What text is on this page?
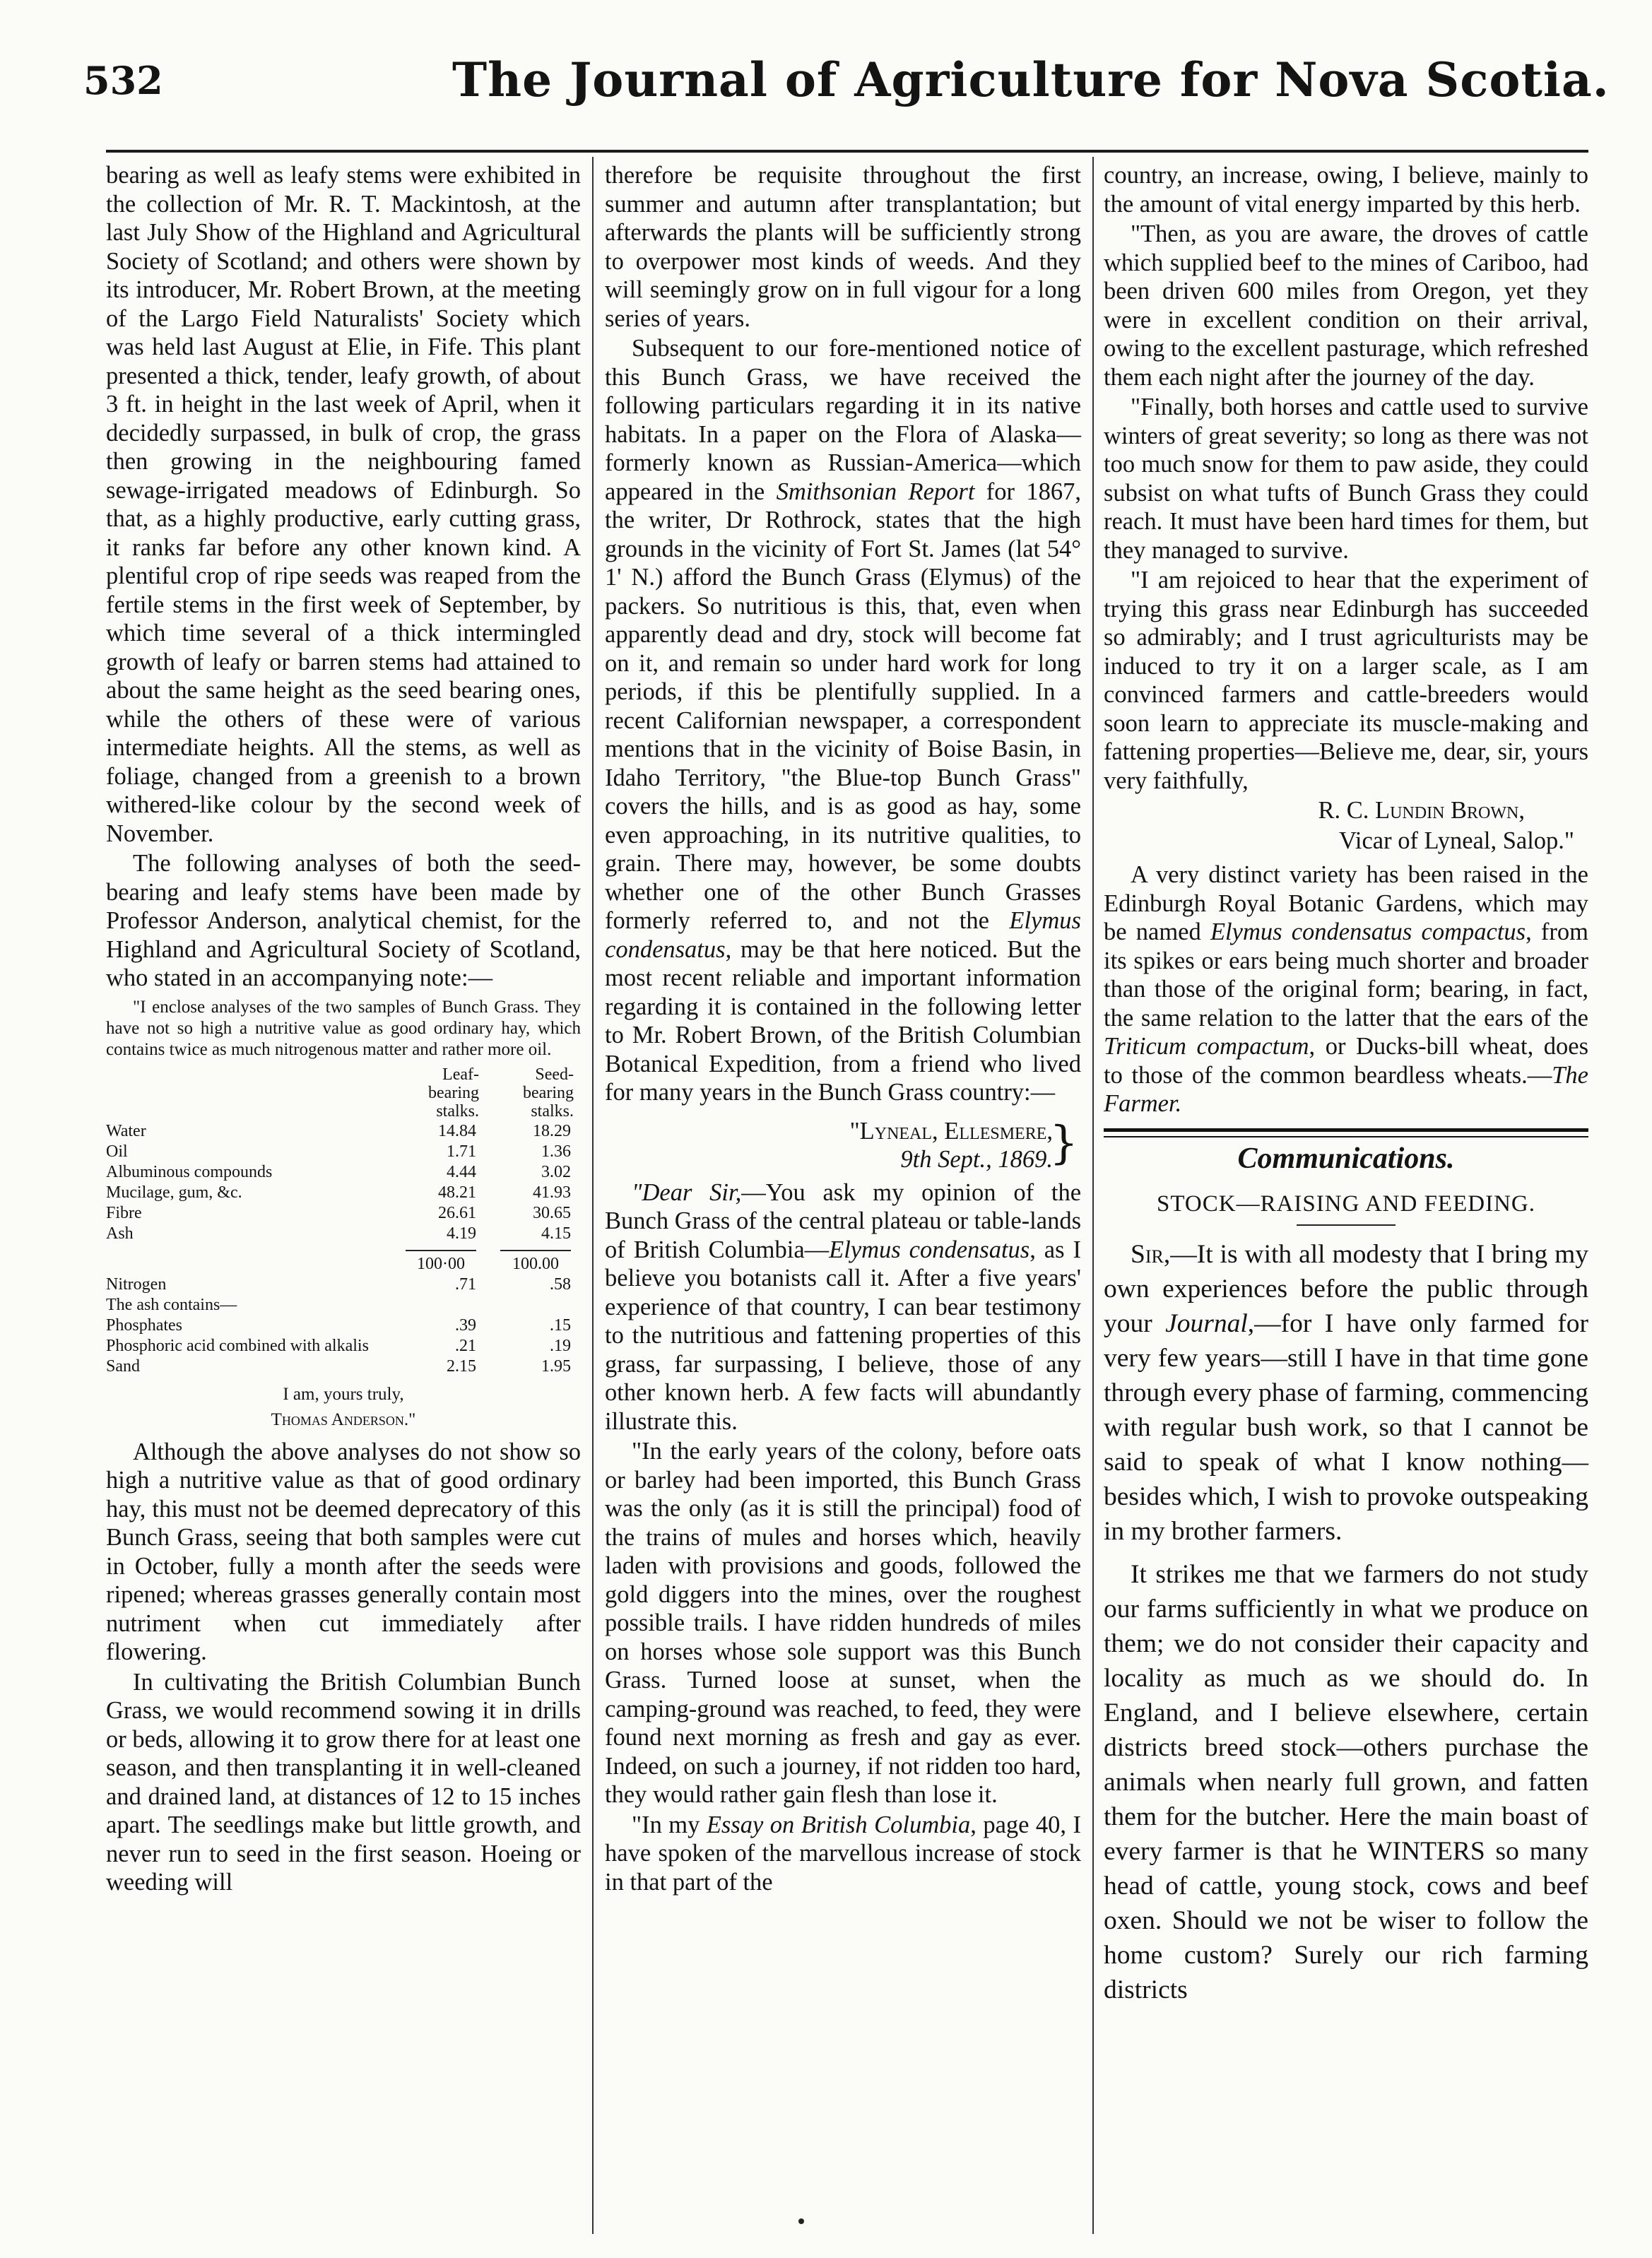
532	The Journal of Agriculture for Nova Scotia.

bearing as well as leafy stems were exhibited in the collection of Mr. R. T. Mackintosh, at the last July Show of the Highland and Agricultural Society of Scotland; and others were shown by its introducer, Mr. Robert Brown, at the meeting of the Largo Field Naturalists' Society which was held last August at Elie, in Fife. This plant presented a thick, tender, leafy growth, of about 3 ft. in height in the last week of April, when it decidedly surpassed, in bulk of crop, the grass then growing in the neighbouring famed sewage-irrigated meadows of Edinburgh. So that, as a highly productive, early cutting grass, it ranks far before any other known kind. A plentiful crop of ripe seeds was reaped from the fertile stems in the first week of September, by which time several of a thick intermingled growth of leafy or barren stems had attained to about the same height as the seed bearing ones, while the others of these were of various intermediate heights. All the stems, as well as foliage, changed from a greenish to a brown withered-like colour by the second week of November.

The following analyses of both the seed-bearing and leafy stems have been made by Professor Anderson, analytical chemist, for the Highland and Agricultural Society of Scotland, who stated in an accompanying note:—

"I enclose analyses of the two samples of Bunch Grass. They have not so high a nutritive value as good ordinary hay, which contains twice as much nitrogenous matter and rather more oil.

	Leaf-bearing stalks.	Seed-bearing stalks.
Water	14.84	18.29
Oil	1.71	1.36
Albuminous compounds	4.44	3.02
Mucilage, gum, &c.	48.21	41.93
Fibre	26.61	30.65
Ash	4.19	4.15
	100·00	100.00
Nitrogen	.71	.58
The ash contains—		
Phosphates	.39	.15
Phosphoric acid combined with alkalis	.21	.19
Sand	2.15	1.95

I am, yours truly,

Thomas Anderson."

Although the above analyses do not show so high a nutritive value as that of good ordinary hay, this must not be deemed deprecatory of this Bunch Grass, seeing that both samples were cut in October, fully a month after the seeds were ripened; whereas grasses generally contain most nutriment when cut immediately after flowering.

In cultivating the British Columbian Bunch Grass, we would recommend sowing it in drills or beds, allowing it to grow there for at least one season, and then transplanting it in well-cleaned and drained land, at distances of 12 to 15 inches apart. The seedlings make but little growth, and never run to seed in the first season. Hoeing or weeding will

therefore be requisite throughout the first summer and autumn after transplantation; but afterwards the plants will be sufficiently strong to overpower most kinds of weeds. And they will seemingly grow on in full vigour for a long series of years.

Subsequent to our fore-mentioned notice of this Bunch Grass, we have received the following particulars regarding it in its native habitats. In a paper on the Flora of Alaska—formerly known as Russian-America—which appeared in the Smithsonian Report for 1867, the writer, Dr Rothrock, states that the high grounds in the vicinity of Fort St. James (lat 54° 1' N.) afford the Bunch Grass (Elymus) of the packers. So nutritious is this, that, even when apparently dead and dry, stock will become fat on it, and remain so under hard work for long periods, if this be plentifully supplied. In a recent Californian newspaper, a correspondent mentions that in the vicinity of Boise Basin, in Idaho Territory, "the Blue-top Bunch Grass" covers the hills, and is as good as hay, some even approaching, in its nutritive qualities, to grain. There may, however, be some doubts whether one of the other Bunch Grasses formerly referred to, and not the Elymus condensatus, may be that here noticed. But the most recent reliable and important information regarding it is contained in the following letter to Mr. Robert Brown, of the British Columbian Botanical Expedition, from a friend who lived for many years in the Bunch Grass country:—

"Lyneal, Ellesmere,
9th Sept., 1869.
}

"Dear Sir,—You ask my opinion of the Bunch Grass of the central plateau or table-lands of British Columbia—Elymus condensatus, as I believe you botanists call it. After a five years' experience of that country, I can bear testimony to the nutritious and fattening properties of this grass, far surpassing, I believe, those of any other known herb. A few facts will abundantly illustrate this.

"In the early years of the colony, before oats or barley had been imported, this Bunch Grass was the only (as it is still the principal) food of the trains of mules and horses which, heavily laden with provisions and goods, followed the gold diggers into the mines, over the roughest possible trails. I have ridden hundreds of miles on horses whose sole support was this Bunch Grass. Turned loose at sunset, when the camping-ground was reached, to feed, they were found next morning as fresh and gay as ever. Indeed, on such a journey, if not ridden too hard, they would rather gain flesh than lose it.

"In my Essay on British Columbia, page 40, I have spoken of the marvellous increase of stock in that part of the

country, an increase, owing, I believe, mainly to the amount of vital energy imparted by this herb.

"Then, as you are aware, the droves of cattle which supplied beef to the mines of Cariboo, had been driven 600 miles from Oregon, yet they were in excellent condition on their arrival, owing to the excellent pasturage, which refreshed them each night after the journey of the day.

"Finally, both horses and cattle used to survive winters of great severity; so long as there was not too much snow for them to paw aside, they could subsist on what tufts of Bunch Grass they could reach. It must have been hard times for them, but they managed to survive.

"I am rejoiced to hear that the experiment of trying this grass near Edinburgh has succeeded so admirably; and I trust agriculturists may be induced to try it on a larger scale, as I am convinced farmers and cattle-breeders would soon learn to appreciate its muscle-making and fattening properties—Believe me, dear, sir, yours very faithfully,

R. C. Lundin Brown,

Vicar of Lyneal, Salop."

A very distinct variety has been raised in the Edinburgh Royal Botanic Gardens, which may be named Elymus condensatus compactus, from its spikes or ears being much shorter and broader than those of the original form; bearing, in fact, the same relation to the latter that the ears of the Triticum compactum, or Ducks-bill wheat, does to those of the common beardless wheats.—The Farmer.

Communications.

STOCK—RAISING AND FEEDING.

Sir,—It is with all modesty that I bring my own experiences before the public through your Journal,—for I have only farmed for very few years—still I have in that time gone through every phase of farming, commencing with regular bush work, so that I cannot be said to speak of what I know nothing—besides which, I wish to provoke outspeaking in my brother farmers.

It strikes me that we farmers do not study our farms sufficiently in what we produce on them; we do not consider their capacity and locality as much as we should do. In England, and I believe elsewhere, certain districts breed stock—others purchase the animals when nearly full grown, and fatten them for the butcher. Here the main boast of every farmer is that he WINTERS so many head of cattle, young stock, cows and beef oxen. Should we not be wiser to follow the home custom? Surely our rich farming districts
